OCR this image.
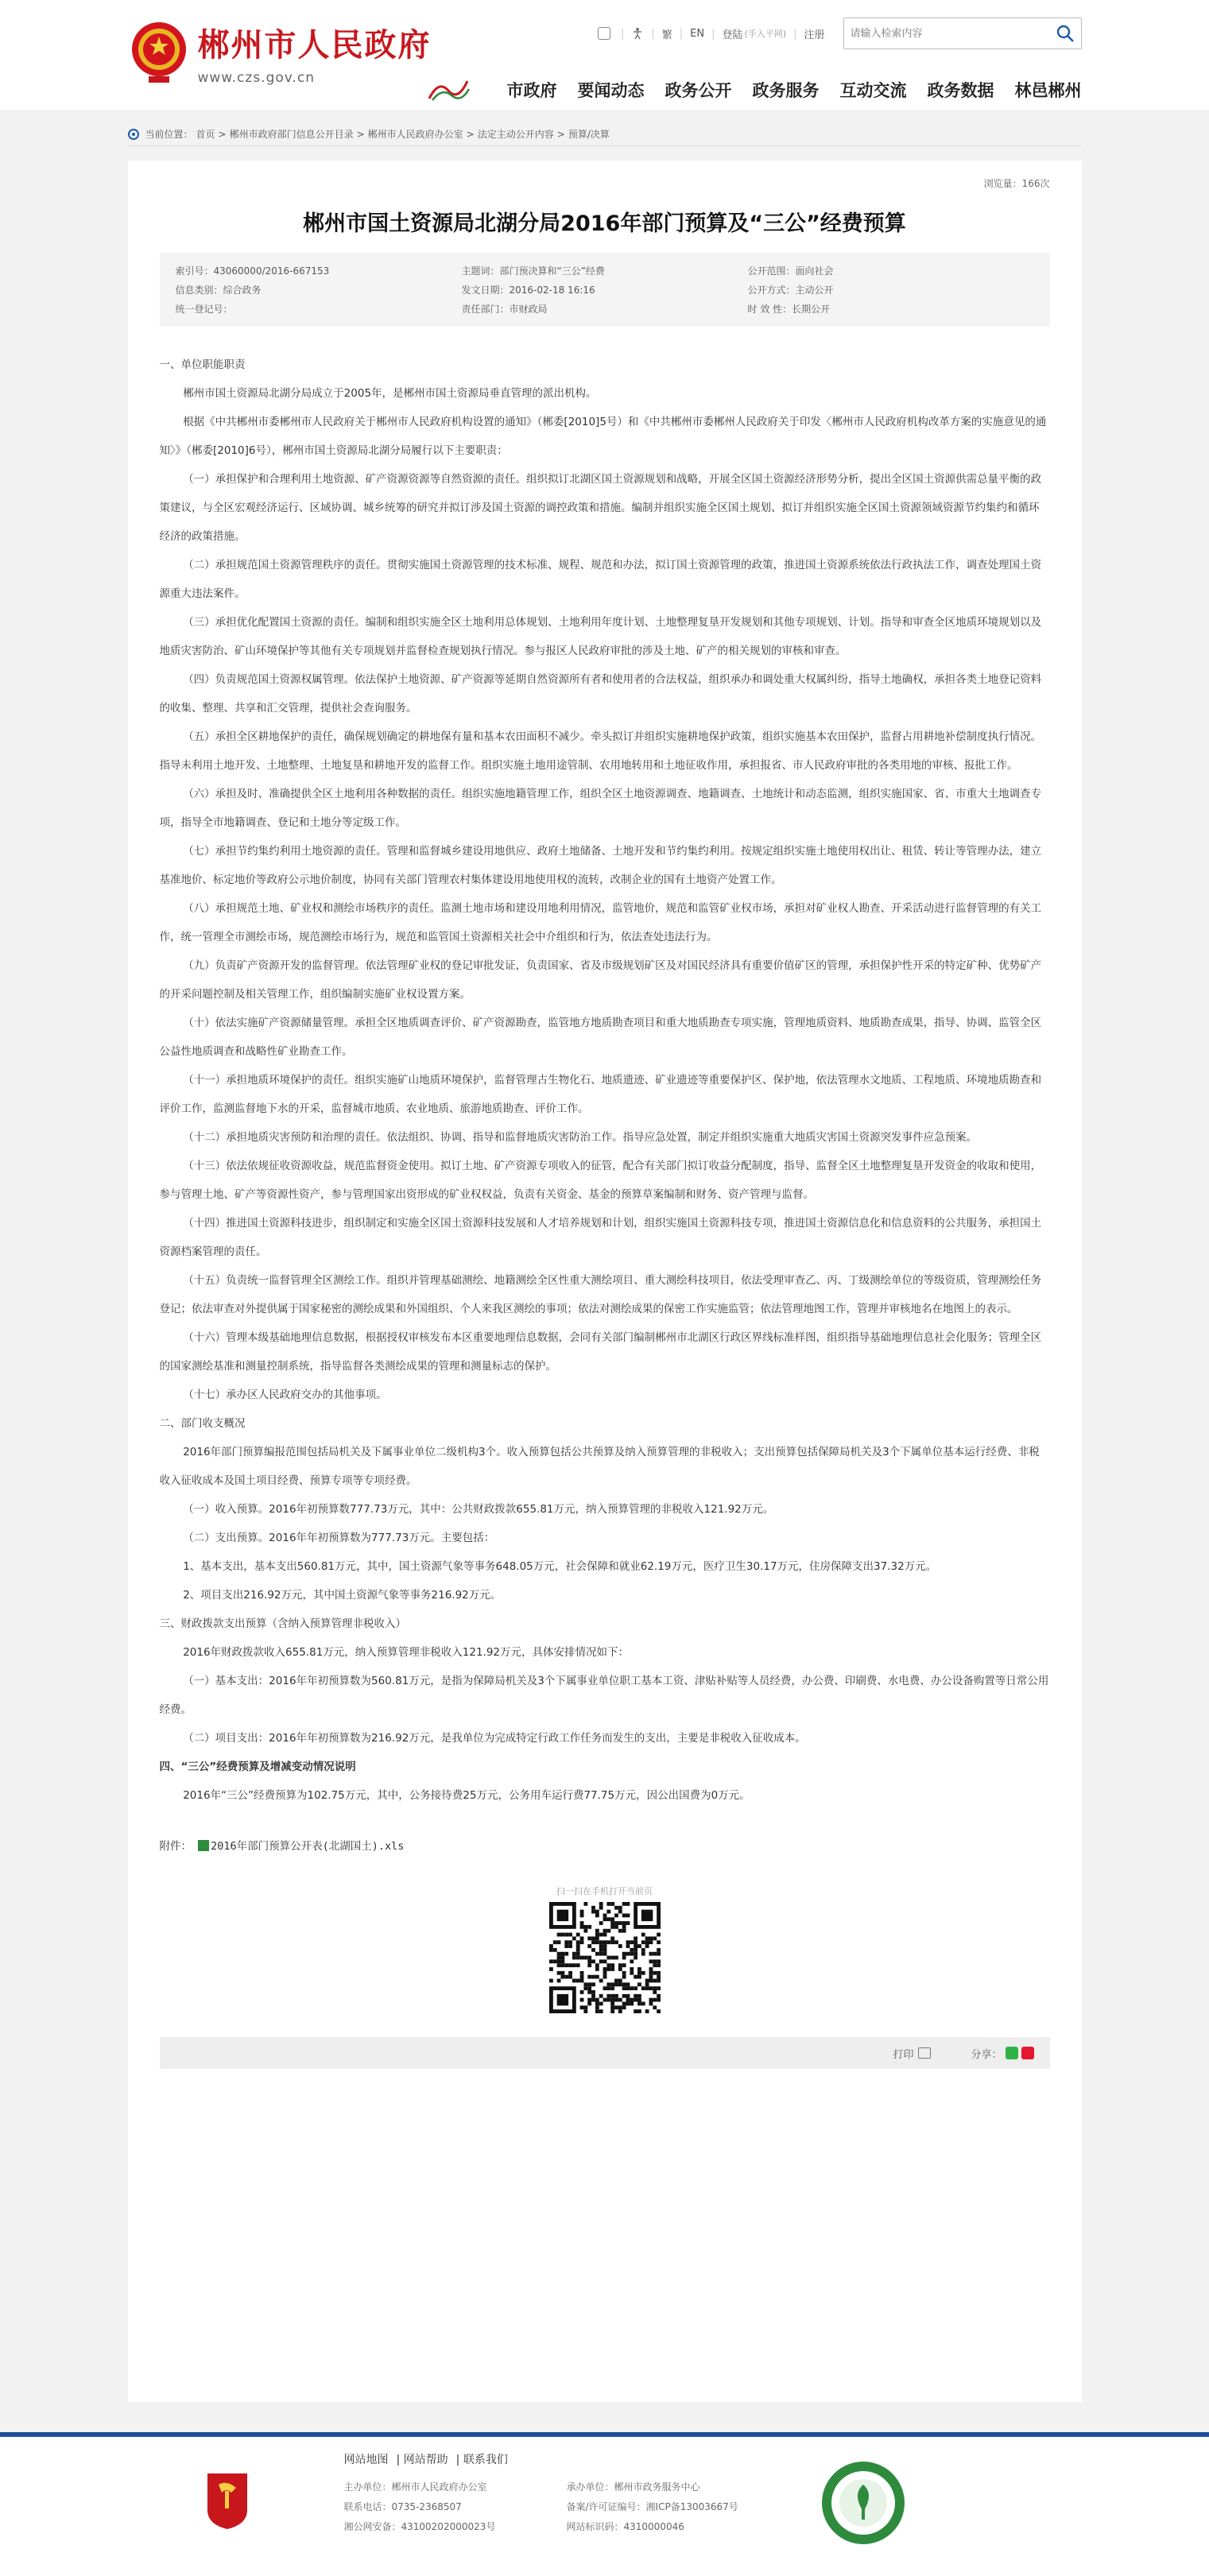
郴州市人民政府
www.czs.gov.cn
|	| 繁 | EN | 登陆 (手入平网) | 注册
请输入检索内容
市政府 要闻动态 政务公开 政务服务 互动交流 政务数据 林邑郴州
当前位置： 首页 > 郴州市政府部门信息公开目录 > 郴州市人民政府办公室 > 法定主动公开内容 > 预算/决算
浏览量：166次
郴州市国土资源局北湖分局2016年部门预算及“三公”经费预算
索引号：43060000/2016-667153	主题词：部门预决算和“三公”经费	公开范围：面向社会
信息类别：综合政务	发文日期：2016-02-18 16:16	公开方式：主动公开
统一登记号：	责任部门：市财政局	时 效 性：长期公开

一、单位职能职责

郴州市国土资源局北湖分局成立于2005年，是郴州市国土资源局垂直管理的派出机构。

根据《中共郴州市委郴州市人民政府关于郴州市人民政府机构设置的通知》（郴委[2010]5号）和《中共郴州市委郴州人民政府关于印发〈郴州市人民政府机构改革方案的实施意见的通知〉》（郴委[2010]6号），郴州市国土资源局北湖分局履行以下主要职责：

（一）承担保护和合理利用土地资源、矿产资源资源等自然资源的责任。组织拟订北湖区国土资源规划和战略，开展全区国土资源经济形势分析，提出全区国土资源供需总量平衡的政策建议，与全区宏观经济运行、区域协调、城乡统筹的研究并拟订涉及国土资源的调控政策和措施。编制并组织实施全区国土规划、拟订并组织实施全区国土资源领域资源节约集约和循环经济的政策措施。

（二）承担规范国土资源管理秩序的责任。贯彻实施国土资源管理的技术标准、规程、规范和办法，拟订国土资源管理的政策，推进国土资源系统依法行政执法工作，调查处理国土资源重大违法案件。

（三）承担优化配置国土资源的责任。编制和组织实施全区土地利用总体规划、土地利用年度计划、土地整理复垦开发规划和其他专项规划、计划。指导和审查全区地质环境规划以及地质灾害防治、矿山环境保护等其他有关专项规划并监督检查规划执行情况。参与报区人民政府审批的涉及土地、矿产的相关规划的审核和审查。

（四）负责规范国土资源权属管理。依法保护土地资源、矿产资源等延期自然资源所有者和使用者的合法权益，组织承办和调处重大权属纠纷，指导土地确权，承担各类土地登记资料的收集、整理、共享和汇交管理，提供社会查询服务。

（五）承担全区耕地保护的责任，确保规划确定的耕地保有量和基本农田面积不减少。牵头拟订并组织实施耕地保护政策，组织实施基本农田保护，监督占用耕地补偿制度执行情况。指导未利用土地开发、土地整理、土地复垦和耕地开发的监督工作。组织实施土地用途管制、农用地转用和土地征收作用，承担报省、市人民政府审批的各类用地的审核、报批工作。

（六）承担及时、准确提供全区土地利用各种数据的责任。组织实施地籍管理工作，组织全区土地资源调查、地籍调查、土地统计和动态监测，组织实施国家、省、市重大土地调查专项，指导全市地籍调查、登记和土地分等定级工作。

（七）承担节约集约利用土地资源的责任。管理和监督城乡建设用地供应、政府土地储备、土地开发和节约集约利用。按规定组织实施土地使用权出让、租赁、转让等管理办法，建立基准地价、标定地价等政府公示地价制度，协同有关部门管理农村集体建设用地使用权的流转，改制企业的国有土地资产处置工作。

（八）承担规范土地、矿业权和测绘市场秩序的责任。监测土地市场和建设用地利用情况，监管地价，规范和监管矿业权市场，承担对矿业权人勘查、开采活动进行监督管理的有关工作，统一管理全市测绘市场，规范测绘市场行为，规范和监管国土资源相关社会中介组织和行为，依法查处违法行为。

（九）负责矿产资源开发的监督管理。依法管理矿业权的登记审批发证，负责国家、省及市级规划矿区及对国民经济具有重要价值矿区的管理，承担保护性开采的特定矿种、优势矿产的开采问题控制及相关管理工作，组织编制实施矿业权设置方案。

（十）依法实施矿产资源储量管理。承担全区地质调查评价、矿产资源勘查，监管地方地质勘查项目和重大地质勘查专项实施，管理地质资料、地质勘查成果，指导、协调、监管全区公益性地质调查和战略性矿业勘查工作。

（十一）承担地质环境保护的责任。组织实施矿山地质环境保护，监督管理古生物化石、地质遗迹、矿业遗迹等重要保护区、保护地，依法管理水文地质、工程地质、环境地质勘查和评价工作，监测监督地下水的开采，监督城市地质、农业地质、旅游地质勘查、评价工作。

（十二）承担地质灾害预防和治理的责任。依法组织、协调、指导和监督地质灾害防治工作。指导应急处置，制定并组织实施重大地质灾害国土资源突发事件应急预案。

（十三）依法依规征收资源收益，规范监督资金使用。拟订土地、矿产资源专项收入的征管，配合有关部门拟订收益分配制度，指导、监督全区土地整理复垦开发资金的收取和使用，参与管理土地、矿产等资源性资产，参与管理国家出资形成的矿业权权益，负责有关资金、基金的预算草案编制和财务、资产管理与监督。

（十四）推进国土资源科技进步，组织制定和实施全区国土资源科技发展和人才培养规划和计划，组织实施国土资源科技专项，推进国土资源信息化和信息资料的公共服务，承担国土资源档案管理的责任。

（十五）负责统一监督管理全区测绘工作。组织并管理基础测绘、地籍测绘全区性重大测绘项目、重大测绘科技项目，依法受理审查乙、丙、丁级测绘单位的等级资质，管理测绘任务登记；依法审查对外提供属于国家秘密的测绘成果和外国组织、个人来我区测绘的事项；依法对测绘成果的保密工作实施监管；依法管理地图工作，管理并审核地名在地图上的表示。

（十六）管理本级基础地理信息数据，根据授权审核发布本区重要地理信息数据，会同有关部门编制郴州市北湖区行政区界线标准样图，组织指导基础地理信息社会化服务；管理全区的国家测绘基准和测量控制系统，指导监督各类测绘成果的管理和测量标志的保护。

（十七）承办区人民政府交办的其他事项。

二、部门收支概况

2016年部门预算编报范围包括局机关及下属事业单位二级机构3个。收入预算包括公共预算及纳入预算管理的非税收入；支出预算包括保障局机关及3个下属单位基本运行经费、非税收入征收成本及国土项目经费、预算专项等专项经费。

（一）收入预算。2016年初预算数777.73万元，其中：公共财政拨款655.81万元，纳入预算管理的非税收入121.92万元。

（二）支出预算。2016年年初预算数为777.73万元。主要包括：

1、基本支出，基本支出560.81万元，其中，国土资源气象等事务648.05万元，社会保障和就业62.19万元，医疗卫生30.17万元，住房保障支出37.32万元。

2、项目支出216.92万元，其中国土资源气象等事务216.92万元。

三、财政拨款支出预算（含纳入预算管理非税收入）

2016年财政拨款收入655.81万元，纳入预算管理非税收入121.92万元，具体安排情况如下：

（一）基本支出：2016年年初预算数为560.81万元，是指为保障局机关及3个下属事业单位职工基本工资、津贴补贴等人员经费，办公费、印刷费、水电费、办公设备购置等日常公用经费。

（二）项目支出：2016年年初预算数为216.92万元，是我单位为完成特定行政工作任务而发生的支出，主要是非税收入征收成本。

四、“三公”经费预算及增减变动情况说明

2016年“三公”经费预算为102.75万元，其中，公务接待费25万元，公务用车运行费77.75万元，因公出国费为0万元。

附件： 2016年部门预算公开表(北湖国土).xls
扫一扫在手机打开当前页
打印	分享：
网站地图 | 网站帮助 | 联系我们
主办单位：郴州市人民政府办公室	承办单位：郴州市政务服务中心
联系电话：0735-2368507	备案/许可证编号：湘ICP备13003667号
湘公网安备：43100202000023号	网站标识码：4310000046
